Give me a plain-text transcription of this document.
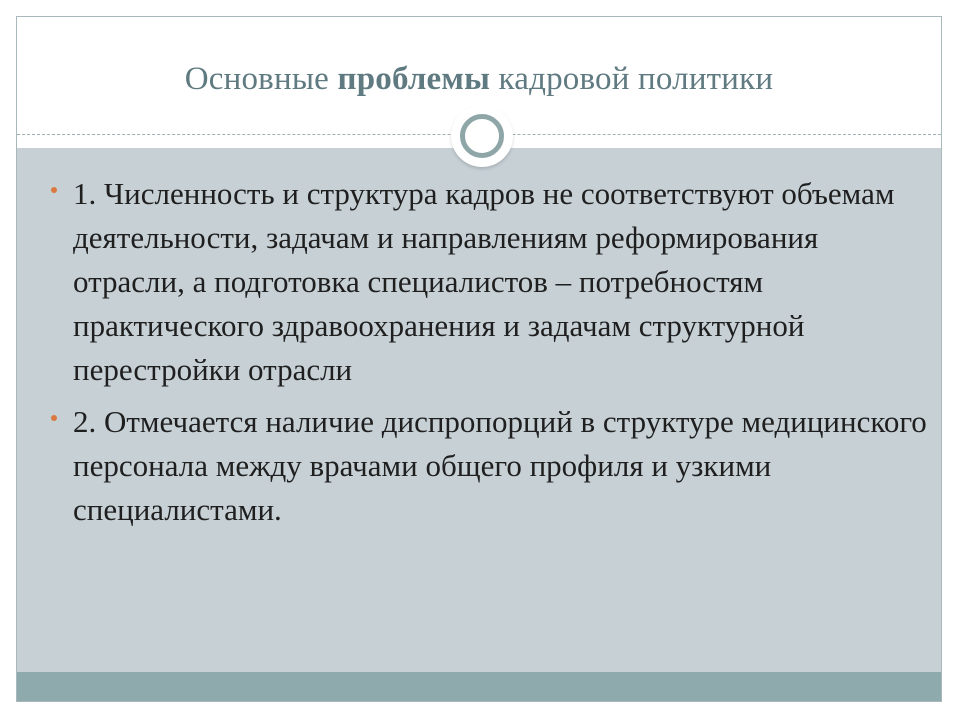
Основные проблемы кадровой политики
1. Численность и структура кадров не соответствуют объемам деятельности, задачам и направлениям реформирования отрасли, а подготовка специалистов – потребностям практического здравоохранения и задачам структурной перестройки отрасли
2. Отмечается наличие диспропорций в структуре медицинского персонала между врачами общего профиля и узкими специалистами.
